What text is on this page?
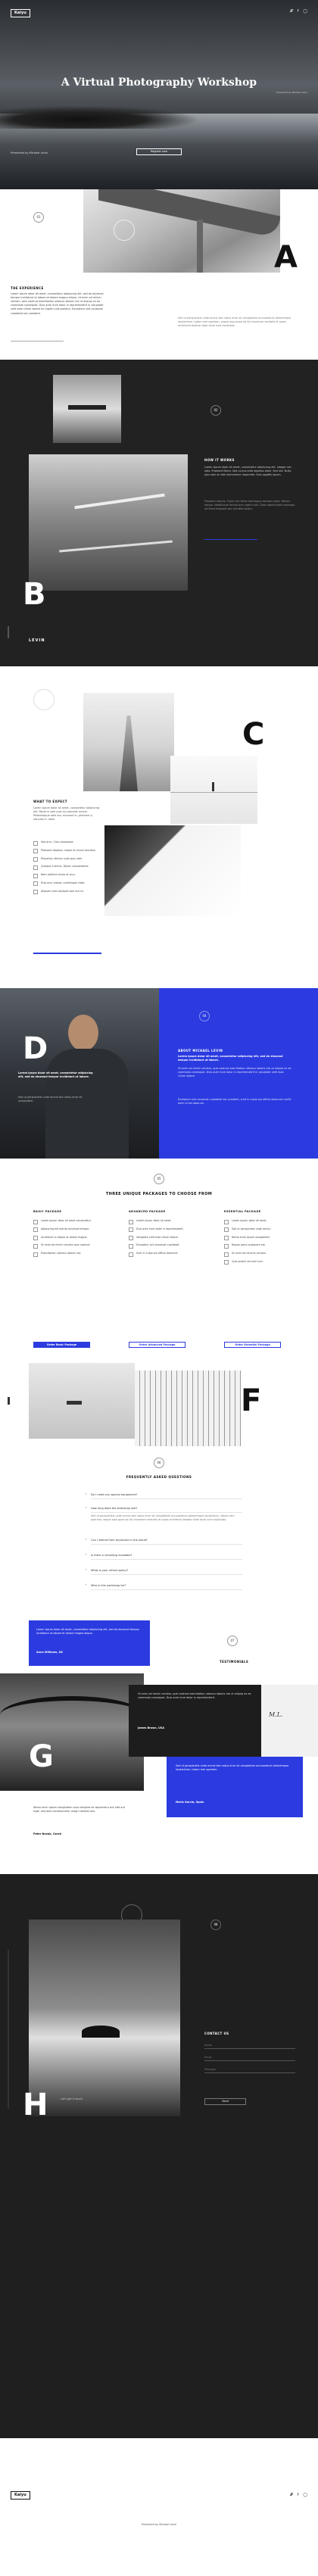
Kaiyu	𝓕 f ◯
A Virtual Photography Workshop
Presented by Michael Levin	Register now
Presented by Michael Levin
01
A
THE EXPERIENCE
Lorem ipsum dolor sit amet, consectetur adipiscing elit, sed do eiusmod tempor incididunt ut labore et dolore magna aliqua. Ut enim ad minim veniam, quis nostrud exercitation ullamco laboris nisi ut aliquip ex ea commodo consequat. Duis aute irure dolor in reprehenderit in voluptate velit esse cillum dolore eu fugiat nulla pariatur. Excepteur sint occaecat cupidatat non proident.
Sed ut perspiciatis unde omnis iste natus error sit voluptatem accusantium doloremque laudantium, totam rem aperiam, eaque ipsa quae ab illo inventore veritatis et quasi architecto beatae vitae dicta sunt explicabo.
02
B
HOW IT WORKS
Lorem ipsum dolor sit amet, consectetur adipiscing elit. Integer nec odio. Praesent libero. Sed cursus ante dapibus diam. Sed nisi. Nulla quis sem at nibh elementum imperdiet. Duis sagittis ipsum.
Praesent mauris. Fusce nec tellus sed augue semper porta. Mauris massa. Vestibulum lacinia arcu eget nulla. Class aptent taciti sociosqu ad litora torquent per conubia nostra.
LEVIN
C
WHAT TO EXPECT
Lorem ipsum dolor sit amet, consectetur adipiscing elit. Morbi in sem quis dui placerat ornare. Pellentesque odio nisi, euismod in, pharetra a, ultricies in, diam.
Sed arcu. Cras consequat.
Praesent dapibus, neque id cursus faucibus.
Phasellus ultrices nulla quis nibh.
Quisque a lectus. Donec consectetuer.
Nam pretium turpis et arcu.
Duis arcu massa, scelerisque vitae.
Aliquam erat volutpat nam dui mi.
D
Lorem ipsum dolor sit amet, consectetur adipiscing elit, sed do eiusmod tempor incididunt ut labore.
Sed ut perspiciatis unde omnis iste natus error sit voluptatem.
04
ABOUT MICHAEL LEVIN
Lorem ipsum dolor sit amet, consectetur adipiscing elit, sed do eiusmod tempor incididunt ut labore.
Ut enim ad minim veniam, quis nostrud exercitation ullamco laboris nisi ut aliquip ex ea commodo consequat. Duis aute irure dolor in reprehenderit in voluptate velit esse cillum dolore.
Excepteur sint occaecat cupidatat non proident, sunt in culpa qui officia deserunt mollit anim id est laborum.
05
THREE UNIQUE PACKAGES TO CHOOSE FROM
BASIC PACKAGE
Lorem ipsum dolor sit amet consectetur.
Adipiscing elit sed do eiusmod tempor.
Incididunt ut labore et dolore magna.
Ut enim ad minim veniam quis nostrud.
Exercitation ullamco laboris nisi.
Order Basic Package
ADVANCED PACKAGE
Lorem ipsum dolor sit amet.
Duis aute irure dolor in reprehenderit.
Voluptate velit esse cillum dolore.
Excepteur sint occaecat cupidatat.
Sunt in culpa qui officia deserunt.
Order Advanced Package
ESSENTIAL PACKAGE
Lorem ipsum dolor sit amet.
Sed ut perspiciatis unde omnis.
Nemo enim ipsam voluptatem.
Neque porro quisquam est.
Ut enim ad minima veniam.
Quis autem vel eum iure.
Order Essential Package
F
06
FREQUENTLY ASKED QUESTIONS
+ Do I need any special equipment?
+ How long does the workshop last?
Sed ut perspiciatis unde omnis iste natus error sit voluptatem accusantium doloremque laudantium, totam rem aperiam, eaque ipsa quae ab illo inventore veritatis et quasi architecto beatae vitae dicta sunt explicabo.
+ Can I attend from anywhere in the world?
+ Is there a recording available?
+ What is your refund policy?
+ Who is this workshop for?
Lorem ipsum dolor sit amet, consectetur adipiscing elit, sed do eiusmod tempor incididunt ut labore et dolore magna aliqua.
Anna Williams, UK
07
TESTIMONIALS
G
Ut enim ad minim veniam, quis nostrud exercitation ullamco laboris nisi ut aliquip ex ea commodo consequat. Duis aute irure dolor in reprehenderit.
James Brown, USA
M.L.
Sed ut perspiciatis unde omnis iste natus error sit voluptatem accusantium doloremque laudantium, totam rem aperiam.
Maria Garcia, Spain
Nemo enim ipsam voluptatem quia voluptas sit aspernatur aut odit aut fugit, sed quia consequuntur magni dolores eos.
Peter Novak, Czech
H	Let's get in touch
08
CONTACT US
Name
Email
Message
Send
Kaiyu	𝓕 f ◯
Presented by Michael Levin
